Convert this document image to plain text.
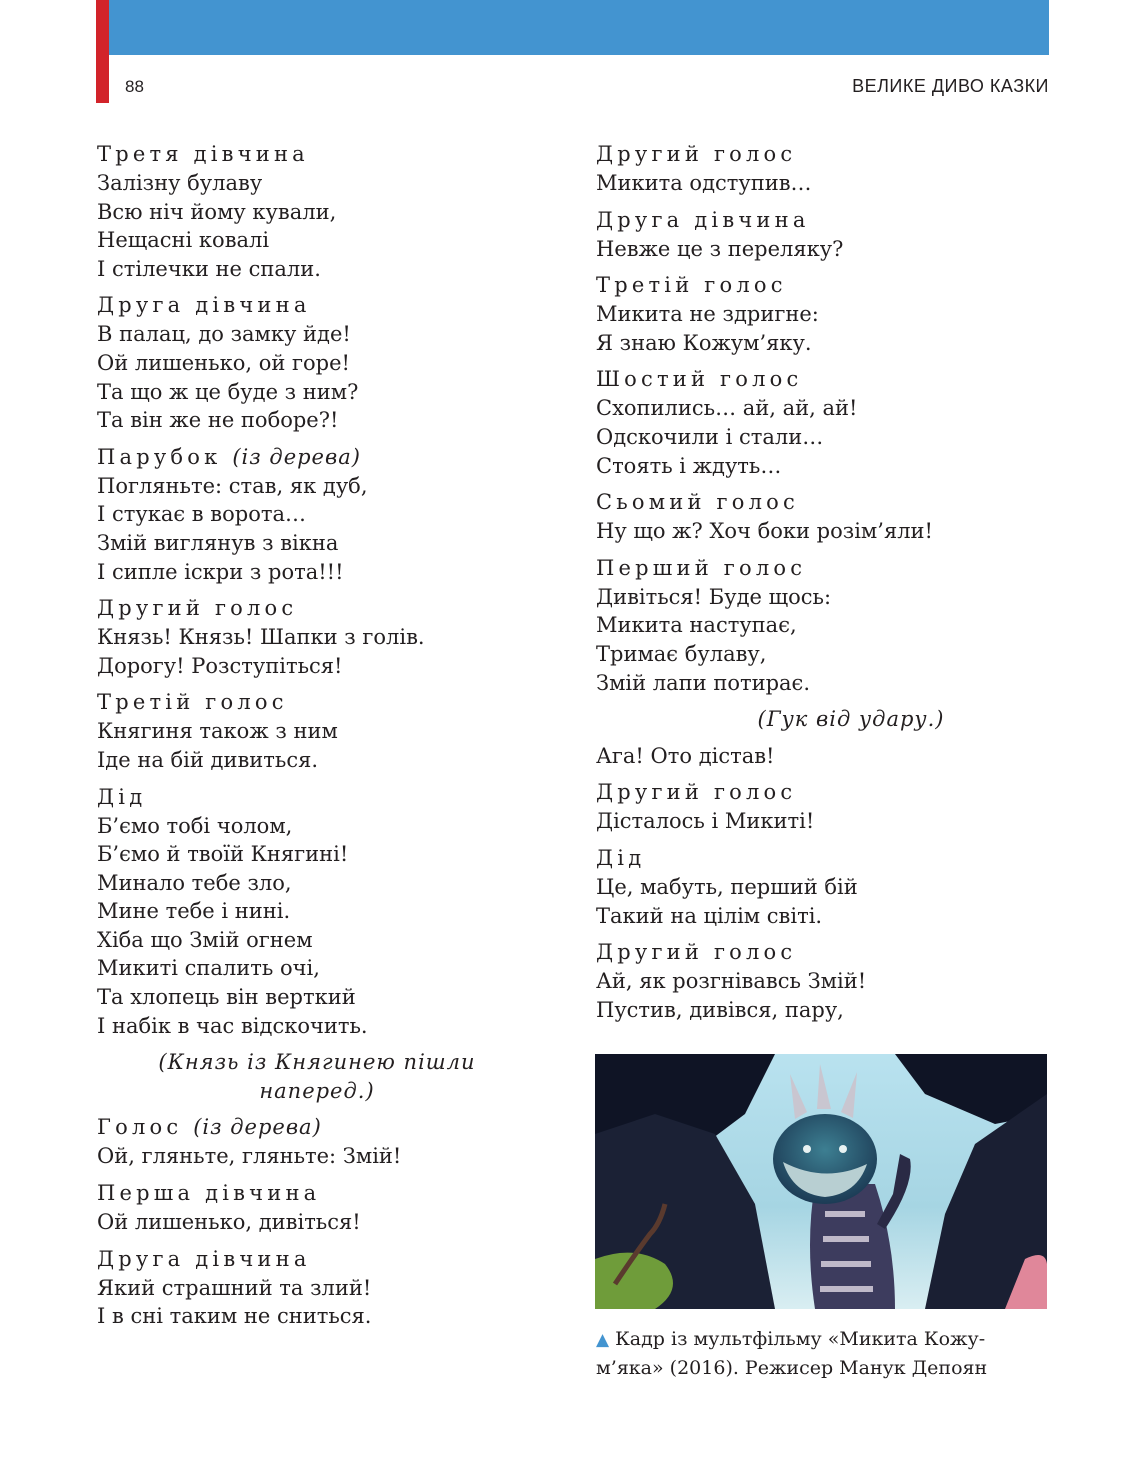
88	ВЕЛИКЕ ДИВО КАЗКИ
Третя дівчина
Залізну булаву
Всю ніч йому кували,
Нещасні ковалі
І стілечки не спали.
Друга дівчина
В палац, до замку йде!
Ой лишенько, ой горе!
Та що ж це буде з ним?
Та він же не поборе?!
Парубок (із дерева)
Погляньте: став, як дуб,
І стукає в ворота…
Змій виглянув з вікна
І сипле іскри з рота!!!
Другий голос
Князь! Князь! Шапки з голів.
Дорогу! Розступіться!
Третій голос
Княгиня також з ним
Іде на бій дивиться.
Дід
Б’ємо тобі чолом,
Б’ємо й твоїй Княгині!
Минало тебе зло,
Мине тебе і нині.
Хіба що Змій огнем
Микиті спалить очі,
Та хлопець він верткий
І набік в час відскочить.
(Князь із Княгинею пішли
наперед.)
Голос (із дерева)
Ой, гляньте, гляньте: Змій!
Перша дівчина
Ой лишенько, дивіться!
Друга дівчина
Який страшний та злий!
І в сні таким не сниться.
Другий голос
Микита одступив…
Друга дівчина
Невже це з переляку?
Третій голос
Микита не здригне:
Я знаю Кожум’яку.
Шостий голос
Схопились… ай, ай, ай!
Одскочили і стали…
Стоять і ждуть…
Сьомий голос
Ну що ж? Хоч боки розім’яли!
Перший голос
Дивіться! Буде щось:
Микита наступає,
Тримає булаву,
Змій лапи потирає.
(Гук від удару.)
Ага! Ото дістав!
Другий голос
Дісталось і Микиті!
Дід
Це, мабуть, перший бій
Такий на цілім світі.
Другий голос
Ай, як розгнівавсь Змій!
Пустив, дивівся, пару,
▲ Кадр із мультфільму «Микита Кожу-
м’яка» (2016). Режисер Манук Депоян
